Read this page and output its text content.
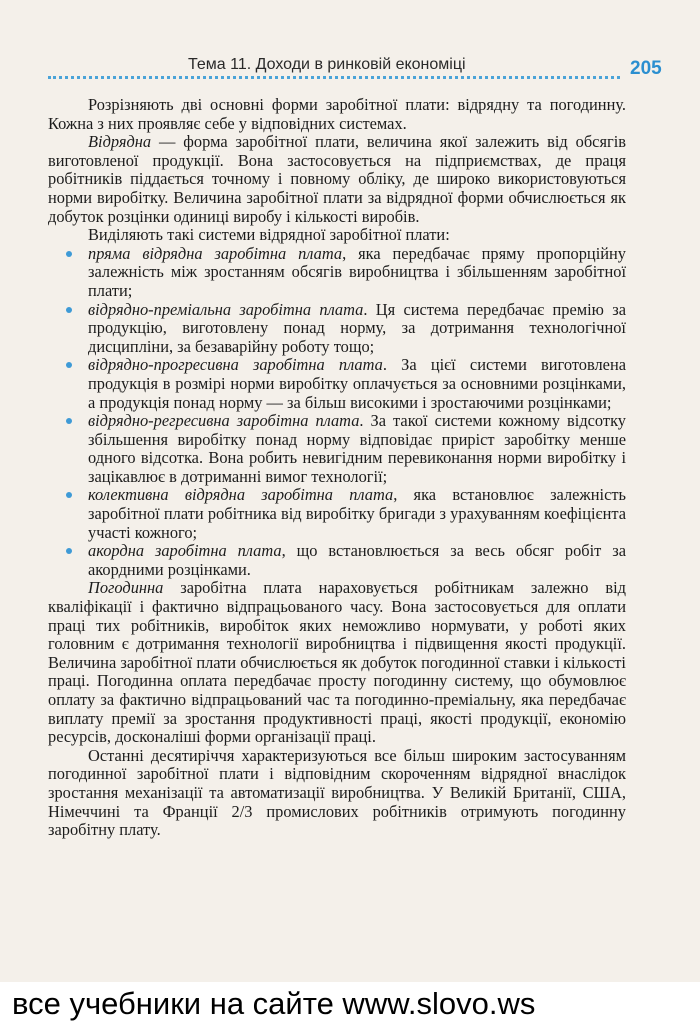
Тема 11. Доходи в ринковій економіці	205

Розрізняють дві основні форми заробітної плати: відрядну та погодинну. Кожна з них проявляє себе у відповідних системах.

Відрядна — форма заробітної плати, величина якої залежить від обсягів виготовленої продукції. Вона застосовується на підприємствах, де праця робітників піддається точному і повному обліку, де широко використовуються норми виробітку. Величина заробітної плати за відрядної форми обчислюється як добуток розцінки одиниці виробу і кількості виробів.

Виділяють такі системи відрядної заробітної плати:

пряма відрядна заробітна плата, яка передбачає пряму пропорційну залежність між зростанням обсягів виробництва і збільшенням заробітної плати;
відрядно-преміальна заробітна плата. Ця система передбачає премію за продукцію, виготовлену понад норму, за дотримання технологічної дисципліни, за безаварійну роботу тощо;
відрядно-прогресивна заробітна плата. За цієї системи виготовлена продукція в розмірі норми виробітку оплачується за основними розцінками, а продукція понад норму — за більш високими і зростаючими розцінками;
відрядно-регресивна заробітна плата. За такої системи кожному відсотку збільшення виробітку понад норму відповідає приріст заробітку менше одного відсотка. Вона робить невигідним перевиконання норми виробітку і зацікавлює в дотриманні вимог технології;
колективна відрядна заробітна плата, яка встановлює залежність заробітної плати робітника від виробітку бригади з урахуванням коефіцієнта участі кожного;
акордна заробітна плата, що встановлюється за весь обсяг робіт за акордними розцінками.

Погодинна заробітна плата нараховується робітникам залежно від кваліфікації і фактично відпрацьованого часу. Вона застосовується для оплати праці тих робітників, виробіток яких неможливо нормувати, у роботі яких головним є дотримання технології виробництва і підвищення якості продукції. Величина заробітної плати обчислюється як добуток погодинної ставки і кількості праці. Погодинна оплата передбачає просту погодинну систему, що обумовлює оплату за фактично відпрацьований час та погодинно-преміальну, яка передбачає виплату премії за зростання продуктивності праці, якості продукції, економію ресурсів, досконаліші форми організації праці.

Останні десятиріччя характеризуються все більш широким застосуванням погодинної заробітної плати і відповідним скороченням відрядної внаслідок зростання механізації та автоматизації виробництва. У Великій Британії, США, Німеччині та Франції 2/3 промислових робітників отримують погодинну заробітну плату.

все учебники на сайте www.slovo.ws
